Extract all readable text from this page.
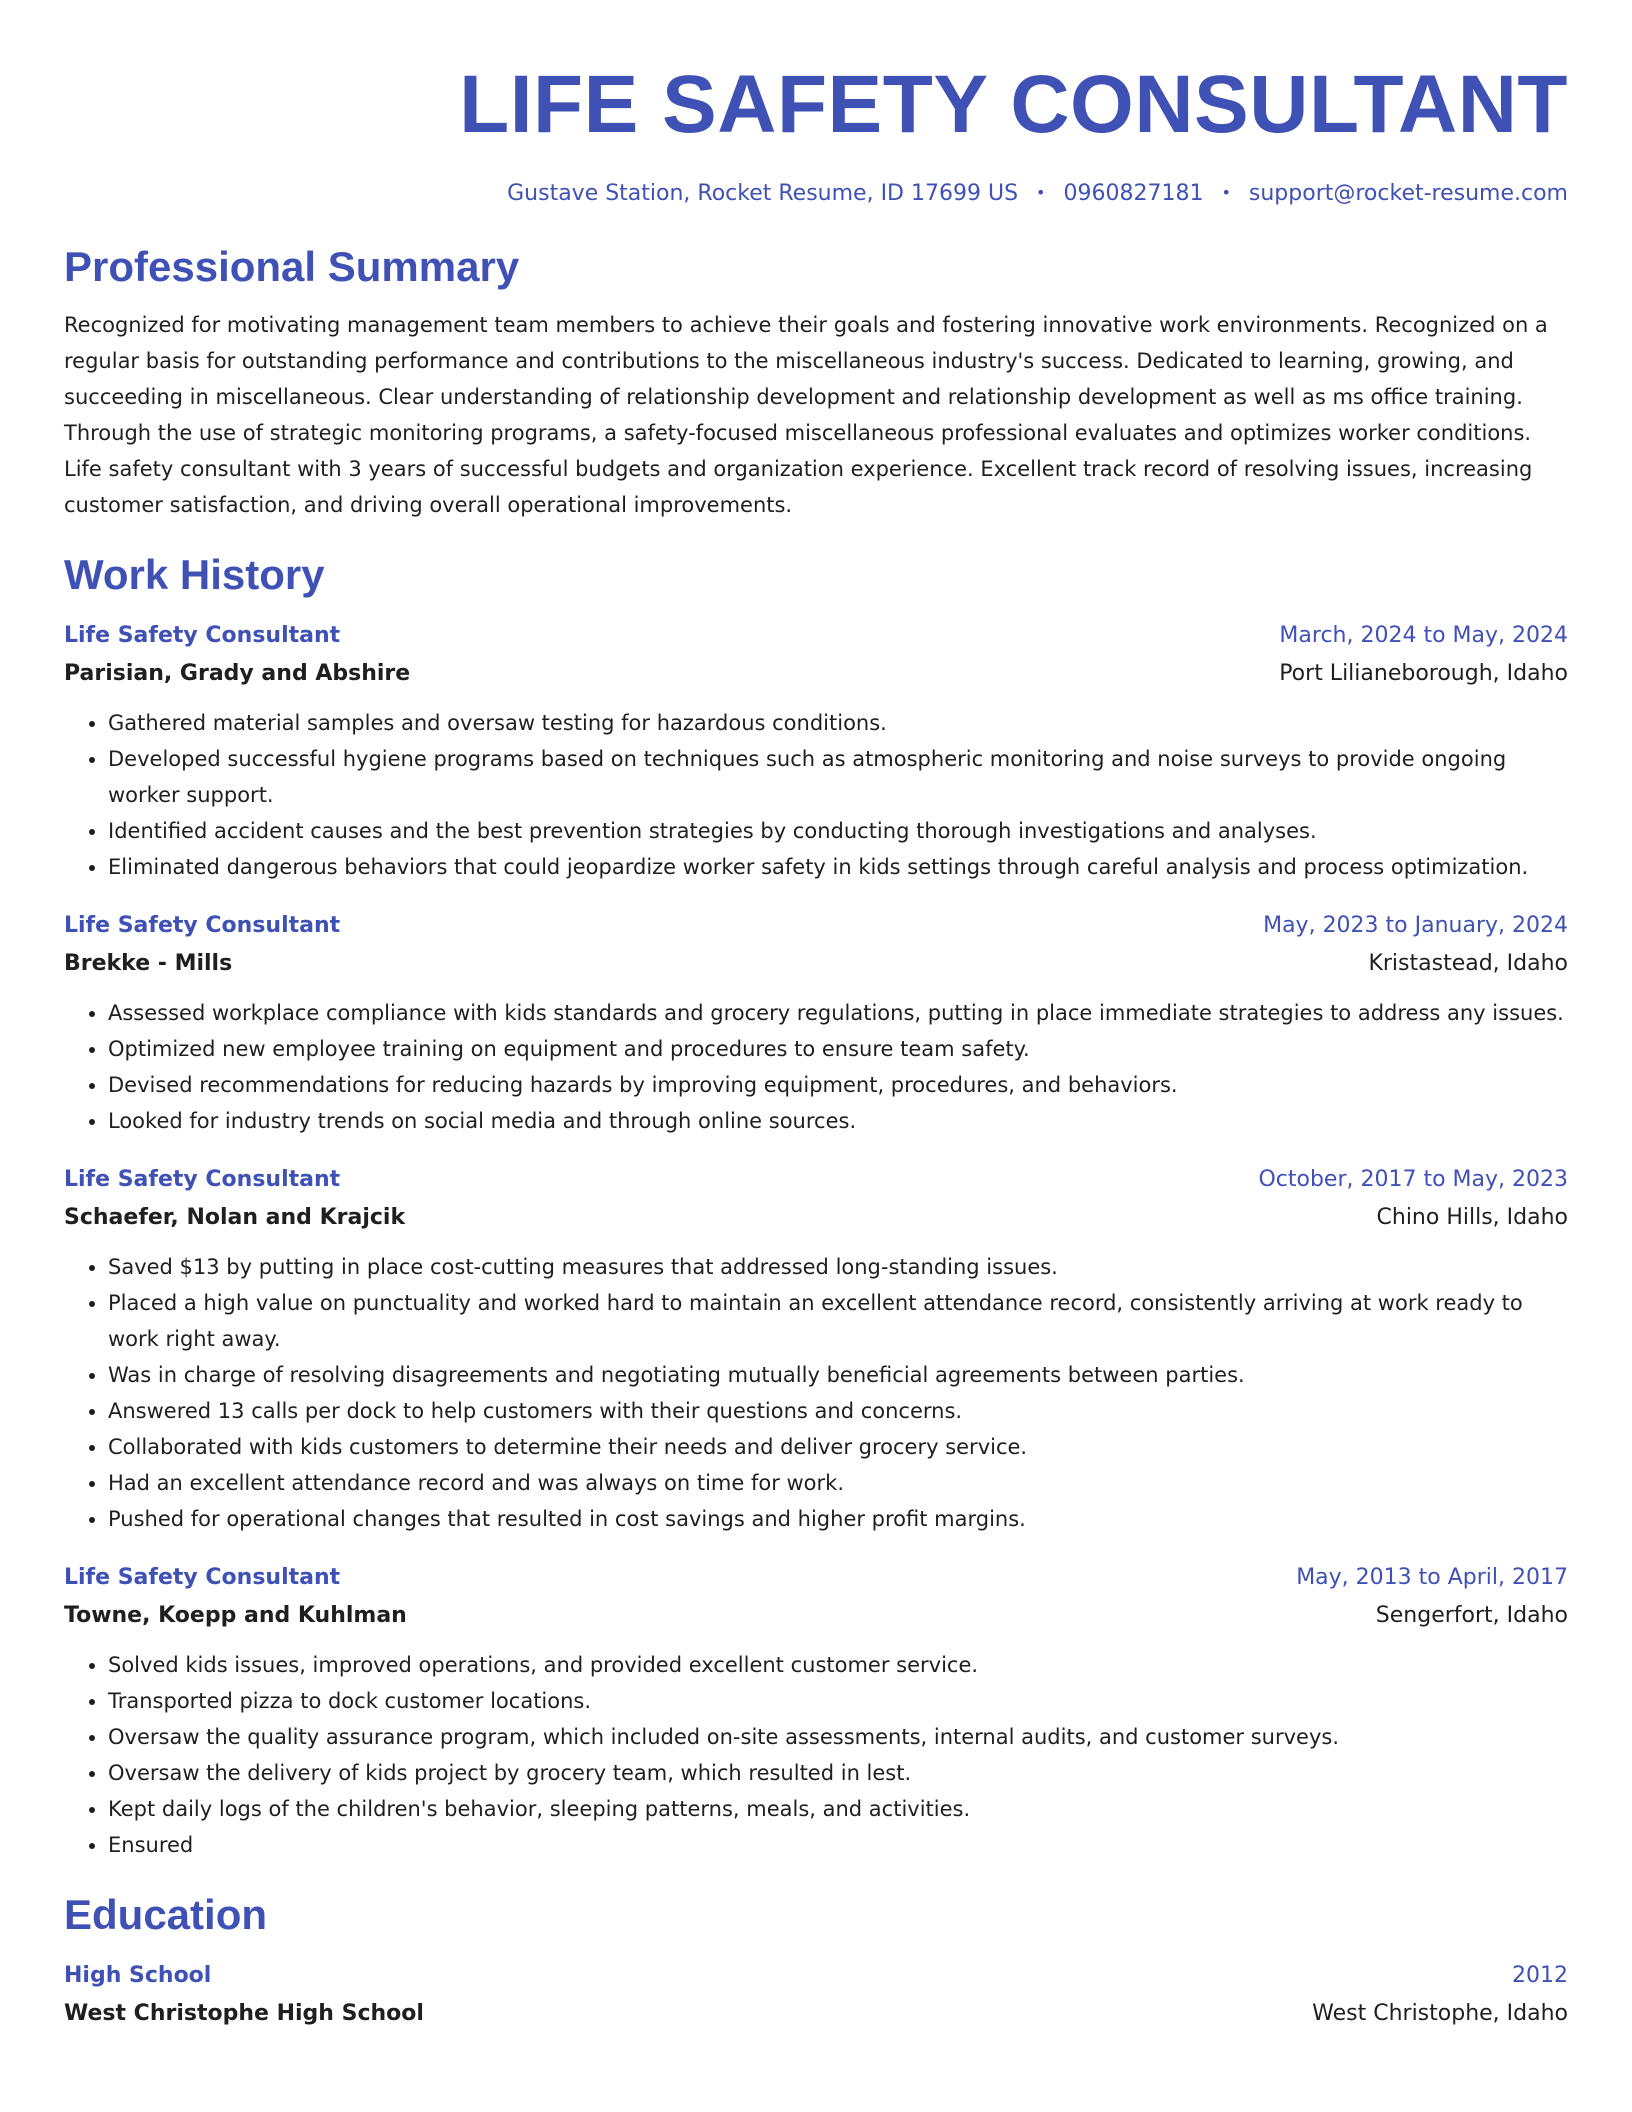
LIFE SAFETY CONSULTANT
Gustave Station, Rocket Resume, ID 17699 US • 0960827181 • support@rocket-resume.com
Professional Summary
Recognized for motivating management team members to achieve their goals and fostering innovative work environments. Recognized on a regular basis for outstanding performance and contributions to the miscellaneous industry's success. Dedicated to learning, growing, and succeeding in miscellaneous. Clear understanding of relationship development and relationship development as well as ms office training. Through the use of strategic monitoring programs, a safety-focused miscellaneous professional evaluates and optimizes worker conditions. Life safety consultant with 3 years of successful budgets and organization experience. Excellent track record of resolving issues, increasing customer satisfaction, and driving overall operational improvements.
Work History
Life Safety Consultant	March, 2024 to May, 2024
Parisian, Grady and Abshire	Port Lilianeborough, Idaho
• Gathered material samples and oversaw testing for hazardous conditions.
• Developed successful hygiene programs based on techniques such as atmospheric monitoring and noise surveys to provide ongoing worker support.
• Identified accident causes and the best prevention strategies by conducting thorough investigations and analyses.
• Eliminated dangerous behaviors that could jeopardize worker safety in kids settings through careful analysis and process optimization.
Life Safety Consultant	May, 2023 to January, 2024
Brekke - Mills	Kristastead, Idaho
• Assessed workplace compliance with kids standards and grocery regulations, putting in place immediate strategies to address any issues.
• Optimized new employee training on equipment and procedures to ensure team safety.
• Devised recommendations for reducing hazards by improving equipment, procedures, and behaviors.
• Looked for industry trends on social media and through online sources.
Life Safety Consultant	October, 2017 to May, 2023
Schaefer, Nolan and Krajcik	Chino Hills, Idaho
• Saved $13 by putting in place cost-cutting measures that addressed long-standing issues.
• Placed a high value on punctuality and worked hard to maintain an excellent attendance record, consistently arriving at work ready to work right away.
• Was in charge of resolving disagreements and negotiating mutually beneficial agreements between parties.
• Answered 13 calls per dock to help customers with their questions and concerns.
• Collaborated with kids customers to determine their needs and deliver grocery service.
• Had an excellent attendance record and was always on time for work.
• Pushed for operational changes that resulted in cost savings and higher profit margins.
Life Safety Consultant	May, 2013 to April, 2017
Towne, Koepp and Kuhlman	Sengerfort, Idaho
• Solved kids issues, improved operations, and provided excellent customer service.
• Transported pizza to dock customer locations.
• Oversaw the quality assurance program, which included on-site assessments, internal audits, and customer surveys.
• Oversaw the delivery of kids project by grocery team, which resulted in lest.
• Kept daily logs of the children's behavior, sleeping patterns, meals, and activities.
• Ensured
Education
High School	2012
West Christophe High School	West Christophe, Idaho
